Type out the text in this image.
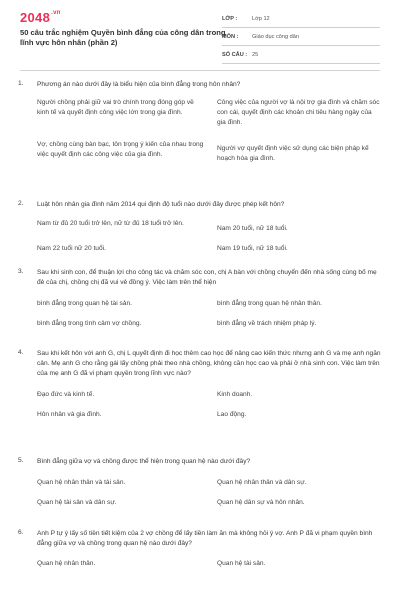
$2048^{.vn}$
50 câu trắc nghiệm Quyền bình đẳng của công dân trong lĩnh vực hôn nhân (phần 2)
LỚP :	Lớp 12
MÔN :	Giáo dục công dân
SỐ CÂU : 25
1. Phương án nào dưới đây là biểu hiện của bình đẳng trong hôn nhân?
Người chồng phải giữ vai trò chính trong đóng góp về kinh tế và quyết định công việc lớn trong gia đình.
Công việc của người vợ là nội trợ gia đình và chăm sóc con cái, quyết định các khoản chi tiêu hàng ngày của gia đình.
Vợ, chồng cùng bàn bạc, tôn trọng ý kiến của nhau trong việc quyết định các công việc của gia đình.
Người vợ quyết định việc sử dụng các biện pháp kế hoạch hóa gia đình.
2. Luật hôn nhân gia đình năm 2014 qui định độ tuổi nào dưới đây được phép kết hôn?
Nam từ đủ 20 tuổi trở lên, nữ từ đủ 18 tuổi trở lên.
Nam 20 tuổi, nữ 18 tuổi.
Nam 22 tuổi nữ 20 tuổi.	Nam 19 tuổi, nữ 18 tuổi.
3. Sau khi sinh con, để thuận lợi cho công tác và chăm sóc con, chị A bàn với chồng chuyển đến nhà sống cùng bố mẹ đẻ của chị, chồng chị đã vui vẻ đồng ý. Việc làm trên thể hiện
bình đẳng trong quan hệ tài sản.	bình đẳng trong quan hệ nhân thân.
bình đẳng trong tình cảm vợ chồng.	bình đẳng về trách nhiệm pháp lý.
4. Sau khi kết hôn với anh G, chị L quyết định đi học thêm cao học để nâng cao kiến thức nhưng anh G và mẹ anh ngăn cản. Mẹ anh G cho rằng gái lấy chồng phải theo nhà chồng, không cần học cao và phải ở nhà sinh con. Việc làm trên của mẹ anh G đã vi phạm quyền trong lĩnh vực nào?
Đạo đức và kinh tế.	Kinh doanh.
Hôn nhân và gia đình.	Lao động.
5. Bình đẳng giữa vợ và chồng được thể hiện trong quan hệ nào dưới đây?
Quan hệ nhân thân và tài sản.	Quan hệ nhân thân và dân sự.
Quan hệ tài sản và dân sự.	Quan hệ dân sự và hôn nhân.
6. Anh P tự ý lấy số tiền tiết kiệm của 2 vợ chồng để lấy tiền làm ăn mà không hỏi ý vợ. Anh P đã vi phạm quyền bình đẳng giữa vợ và chồng trong quan hệ nào dưới đây?
Quan hệ nhân thân.	Quan hệ tài sản.
